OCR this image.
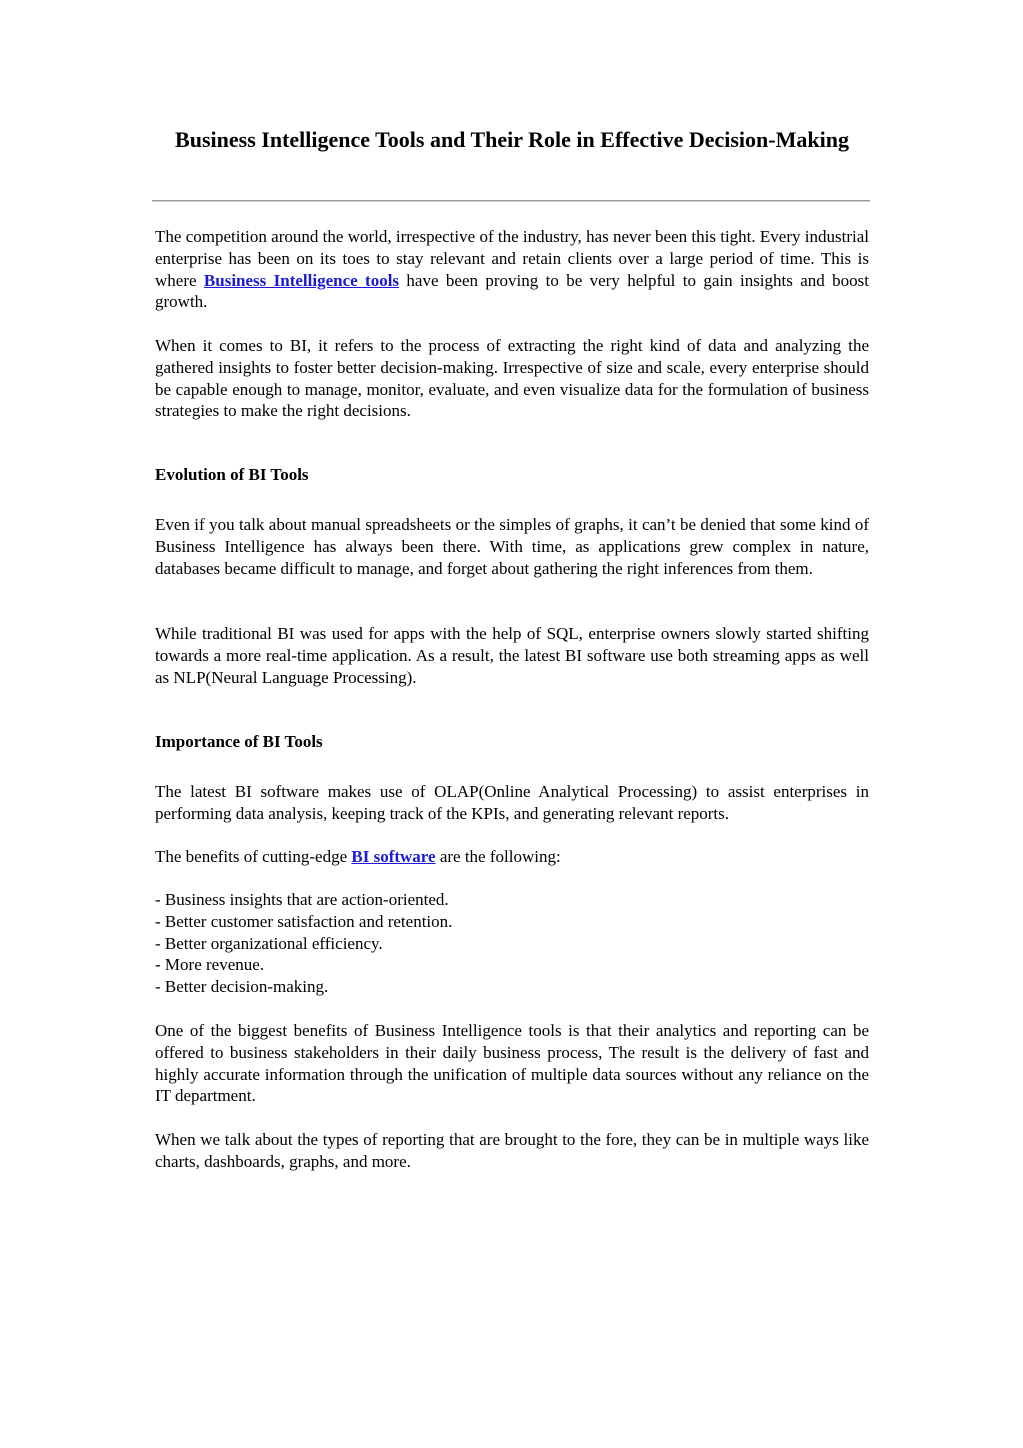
Business Intelligence Tools and Their Role in Effective Decision-Making

The competition around the world, irrespective of the industry, has never been this tight. Every industrial enterprise has been on its toes to stay relevant and retain clients over a large period of time. This is where Business Intelligence tools have been proving to be very helpful to gain insights and boost growth.

When it comes to BI, it refers to the process of extracting the right kind of data and analyzing the gathered insights to foster better decision-making. Irrespective of size and scale, every enterprise should be capable enough to manage, monitor, evaluate, and even visualize data for the formulation of business strategies to make the right decisions.

Evolution of BI Tools

Even if you talk about manual spreadsheets or the simples of graphs, it can’t be denied that some kind of Business Intelligence has always been there. With time, as applications grew complex in nature, databases became difficult to manage, and forget about gathering the right inferences from them.

While traditional BI was used for apps with the help of SQL, enterprise owners slowly started shifting towards a more real-time application. As a result, the latest BI software use both streaming apps as well as NLP(Neural Language Processing).

Importance of BI Tools

The latest BI software makes use of OLAP(Online Analytical Processing) to assist enterprises in performing data analysis, keeping track of the KPIs, and generating relevant reports.

The benefits of cutting-edge BI software are the following:

- Business insights that are action-oriented.
- Better customer satisfaction and retention.
- Better organizational efficiency.
- More revenue.
- Better decision-making.

One of the biggest benefits of Business Intelligence tools is that their analytics and reporting can be offered to business stakeholders in their daily business process, The result is the delivery of fast and highly accurate information through the unification of multiple data sources without any reliance on the IT department.

When we talk about the types of reporting that are brought to the fore, they can be in multiple ways like charts, dashboards, graphs, and more.
